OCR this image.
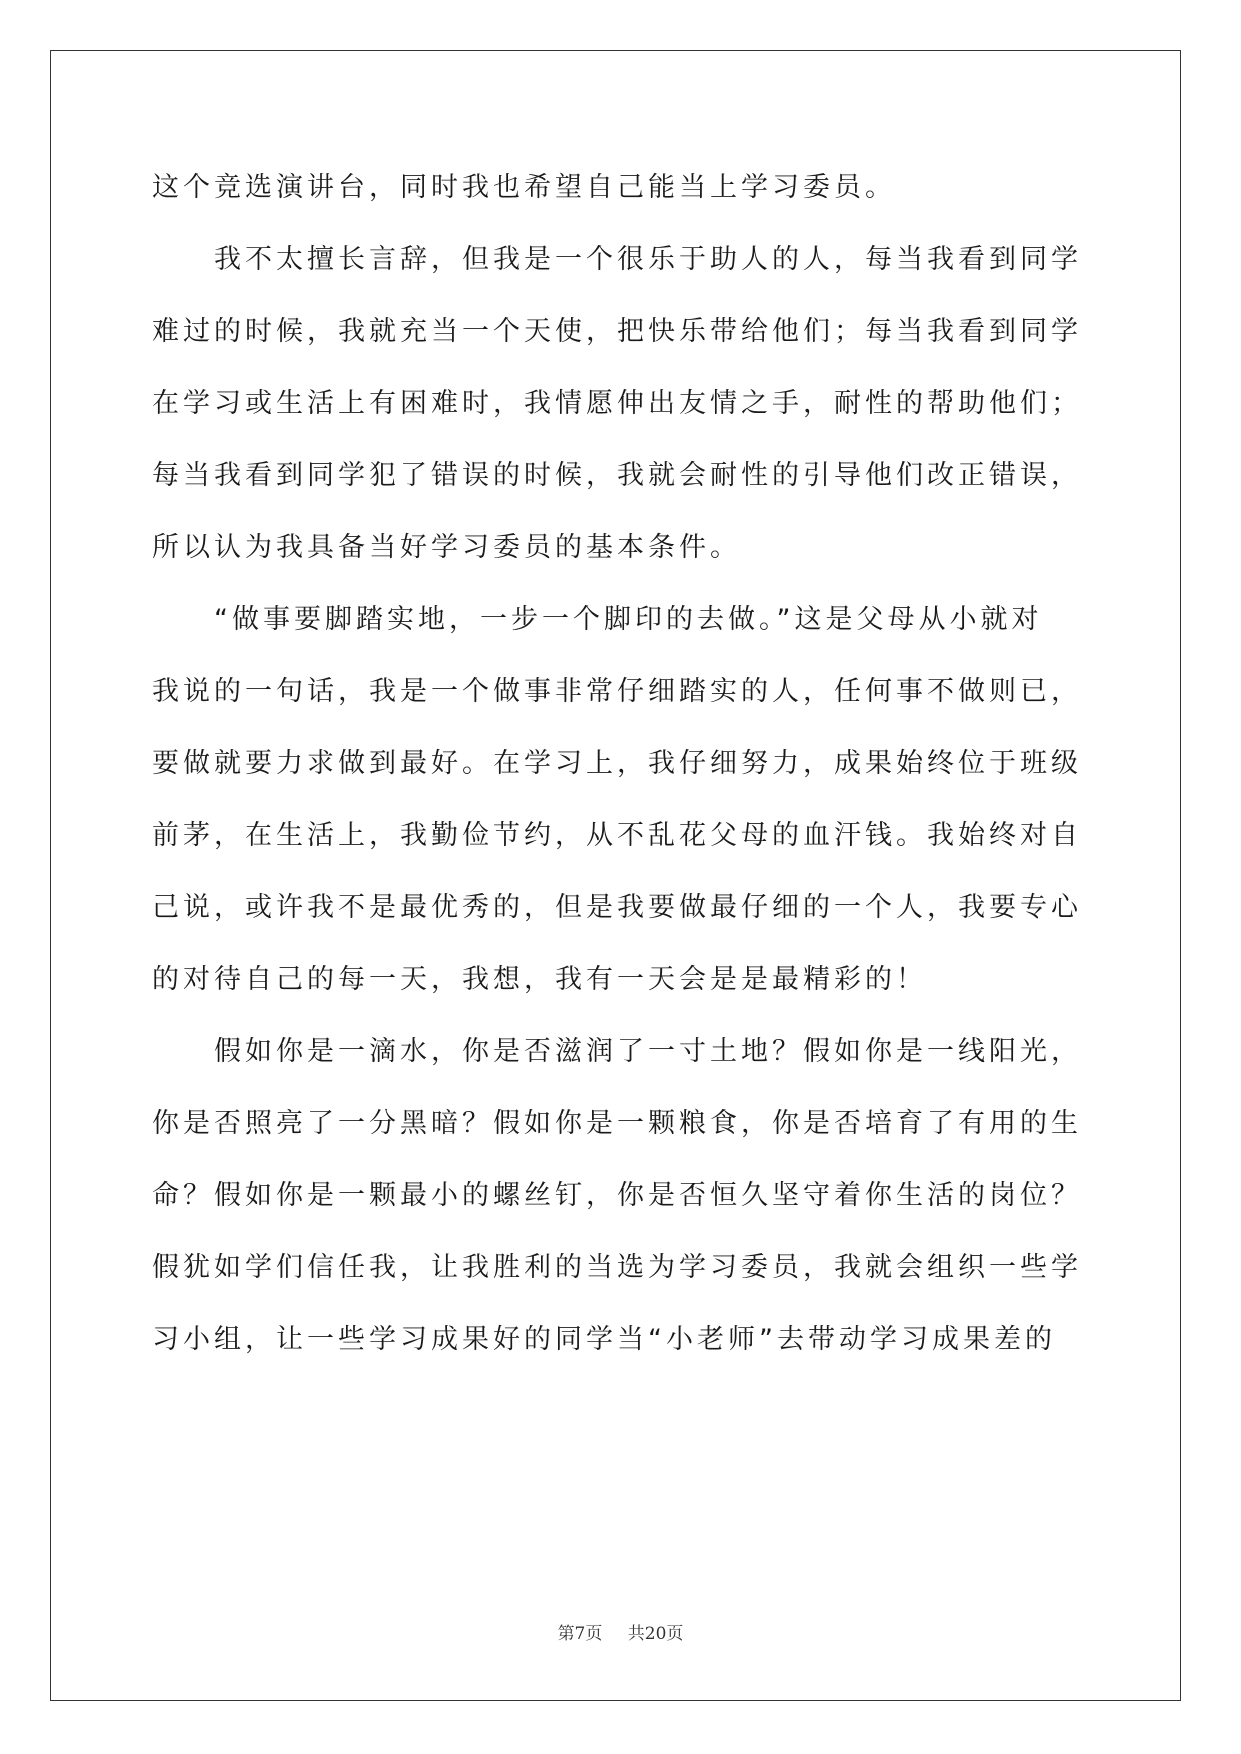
这个竞选演讲台，同时我也希望自己能当上学习委员。
我不太擅长言辞，但我是一个很乐于助人的人，每当我看到同学
难过的时候，我就充当一个天使，把快乐带给他们；每当我看到同学
在学习或生活上有困难时，我情愿伸出友情之手，耐性的帮助他们；
每当我看到同学犯了错误的时候，我就会耐性的引导他们改正错误，
所以认为我具备当好学习委员的基本条件。
“做事要脚踏实地，一步一个脚印的去做。”这是父母从小就对
我说的一句话，我是一个做事非常仔细踏实的人，任何事不做则已，
要做就要力求做到最好。在学习上，我仔细努力，成果始终位于班级
前茅，在生活上，我勤俭节约，从不乱花父母的血汗钱。我始终对自
己说，或许我不是最优秀的，但是我要做最仔细的一个人，我要专心
的对待自己的每一天，我想，我有一天会是是最精彩的！
假如你是一滴水，你是否滋润了一寸土地？假如你是一线阳光，
你是否照亮了一分黑暗？假如你是一颗粮食，你是否培育了有用的生
命？假如你是一颗最小的螺丝钉，你是否恒久坚守着你生活的岗位？
假犹如学们信任我，让我胜利的当选为学习委员，我就会组织一些学
习小组，让一些学习成果好的同学当“小老师”去带动学习成果差的
第7页 共20页
